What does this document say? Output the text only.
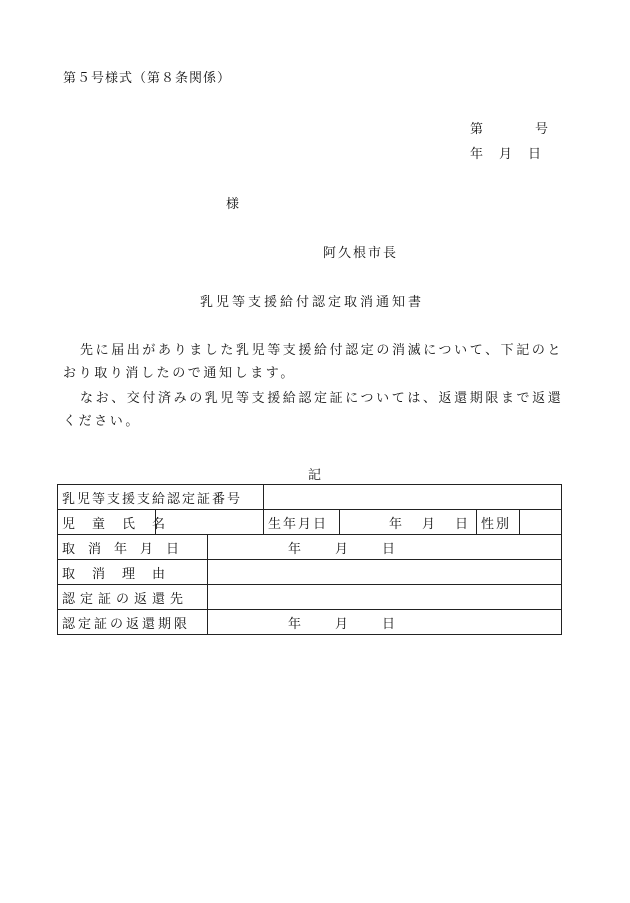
第５号様式（第８条関係）
第	号
年 月 日
様
阿久根市長
乳児等支援給付認定取消通知書
先に届出がありました乳児等支援給付認定の消滅について、下記のとおり取り消したので通知します。
なお、交付済みの乳児等支援給認定証については、返還期限まで返還ください。
記
乳児等支援支給認定証番号						
児　童　氏　名			生年月日	年 月 日	性別	
取消年月日		年 月 日				
取消理由						
認定証の返還先						
認定証の返還期限		年 月 日				
